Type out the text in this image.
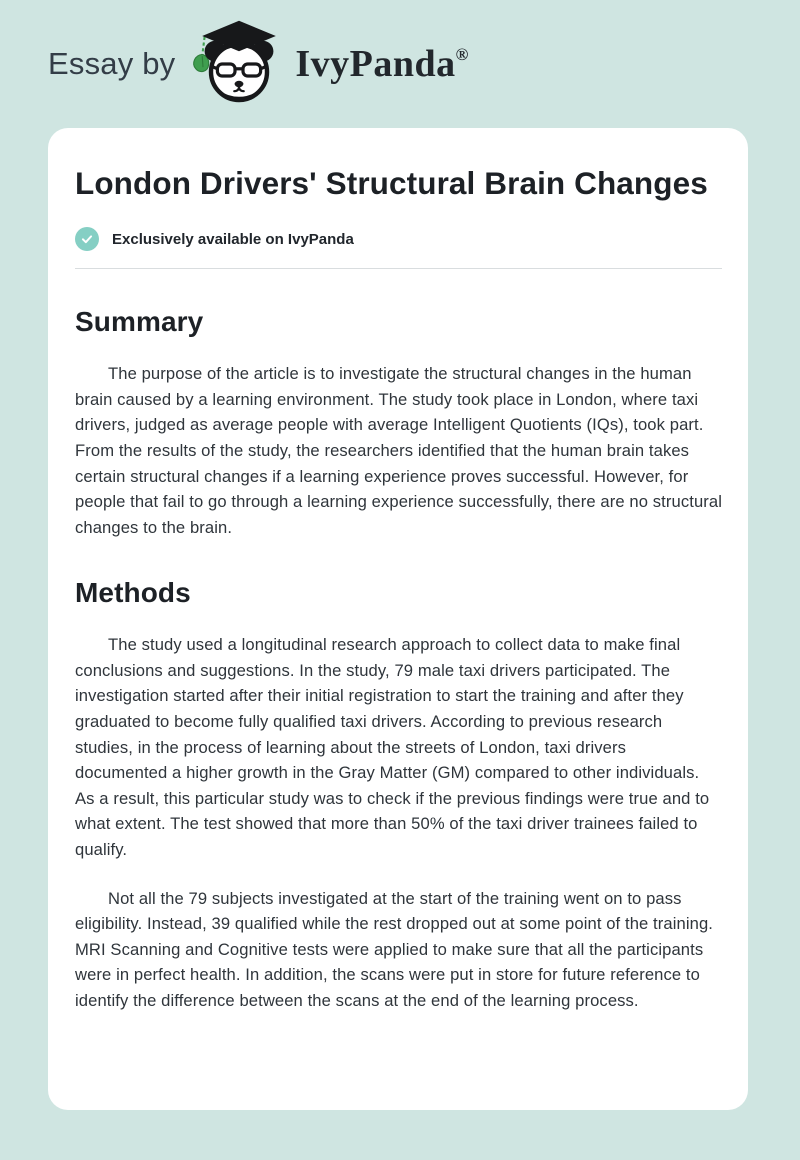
Essay by	IvyPanda®
London Drivers' Structural Brain Changes
Exclusively available on IvyPanda
Summary

The purpose of the article is to investigate the structural changes in the human brain caused by a learning environment. The study took place in London, where taxi drivers, judged as average people with average Intelligent Quotients (IQs), took part. From the results of the study, the researchers identified that the human brain takes certain structural changes if a learning experience proves successful. However, for people that fail to go through a learning experience successfully, there are no structural changes to the brain.

Methods

The study used a longitudinal research approach to collect data to make final conclusions and suggestions. In the study, 79 male taxi drivers participated. The investigation started after their initial registration to start the training and after they graduated to become fully qualified taxi drivers. According to previous research studies, in the process of learning about the streets of London, taxi drivers documented a higher growth in the Gray Matter (GM) compared to other individuals. As a result, this particular study was to check if the previous findings were true and to what extent. The test showed that more than 50% of the taxi driver trainees failed to qualify.

Not all the 79 subjects investigated at the start of the training went on to pass eligibility. Instead, 39 qualified while the rest dropped out at some point of the training. MRI Scanning and Cognitive tests were applied to make sure that all the participants were in perfect health. In addition, the scans were put in store for future reference to identify the difference between the scans at the end of the learning process.
